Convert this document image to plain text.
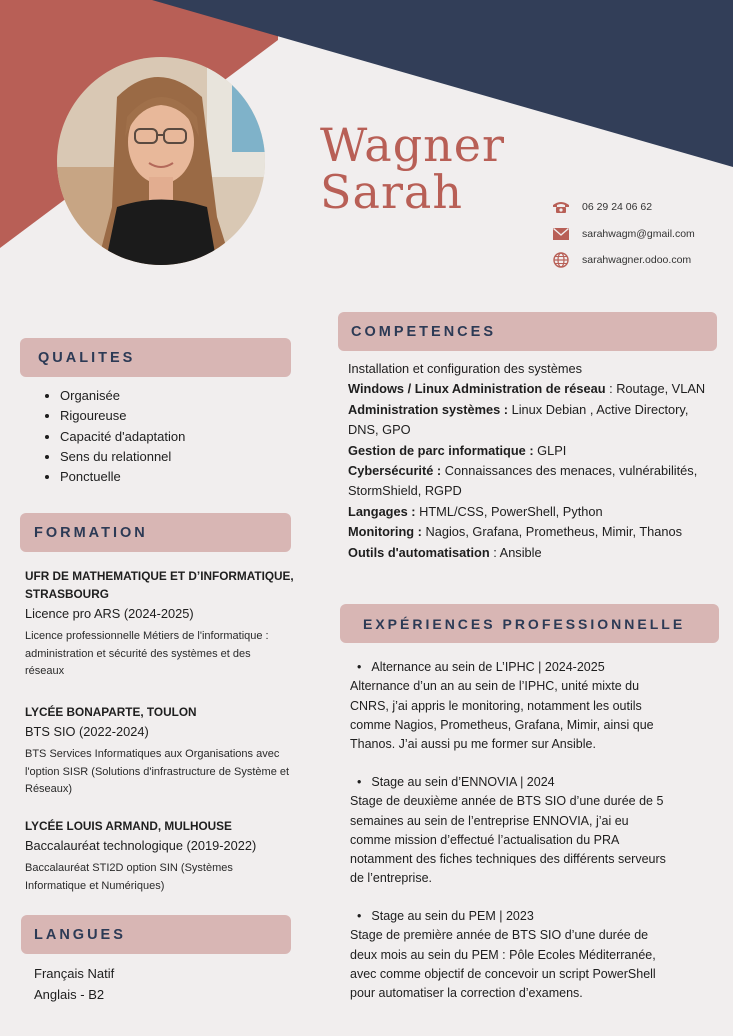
Wagner
Sarah	06 29 24 06 62
sarahwagm@gmail.com
sarahwagner.odoo.com
QUALITES
• Organisée
• Rigoureuse
• Capacité d'adaptation
• Sens du relationnel
• Ponctuelle
FORMATION

UFR DE MATHEMATIQUE ET D’INFORMATIQUE, STRASBOURG

Licence pro ARS (2024-2025)

Licence professionnelle Métiers de l'informatique : administration et sécurité des systèmes et des réseaux

LYCÉE BONAPARTE, TOULON

BTS SIO (2022-2024)

BTS Services Informatiques aux Organisations avec l'option SISR (Solutions d'infrastructure de Système et Réseaux)

LYCÉE LOUIS ARMAND, MULHOUSE

Baccalauréat technologique (2019-2022)

Baccalauréat STI2D option SIN (Systèmes Informatique et Numériques)

LANGUES
Français Natif
Anglais - B2
COMPETENCES

Installation et configuration des systèmes

Windows / Linux Administration de réseau : Routage, VLAN

Administration systèmes : Linux Debian , Active Directory, DNS, GPO

Gestion de parc informatique : GLPI

Cybersécurité : Connaissances des menaces, vulnérabilités, StormShield, RGPD

Langages : HTML/CSS, PowerShell, Python

Monitoring : Nagios, Grafana, Prometheus, Mimir, Thanos

Outils d'automatisation : Ansible

EXPÉRIENCES PROFESSIONNELLE

• Alternance au sein de L’IPHC | 2024-2025

Alternance d’un an au sein de l’IPHC, unité mixte du CNRS, j’ai appris le monitoring, notamment les outils comme Nagios, Prometheus, Grafana, Mimir, ainsi que Thanos. J’ai aussi pu me former sur Ansible.

• Stage au sein d’ENNOVIA | 2024

Stage de deuxième année de BTS SIO d’une durée de 5 semaines au sein de l’entreprise ENNOVIA, j’ai eu comme mission d’effectué l’actualisation du PRA notamment des fiches techniques des différents serveurs de l’entreprise.

• Stage au sein du PEM | 2023

Stage de première année de BTS SIO d’une durée de deux mois au sein du PEM : Pôle Ecoles Méditerranée, avec comme objectif de concevoir un script PowerShell pour automatiser la correction d’examens.
